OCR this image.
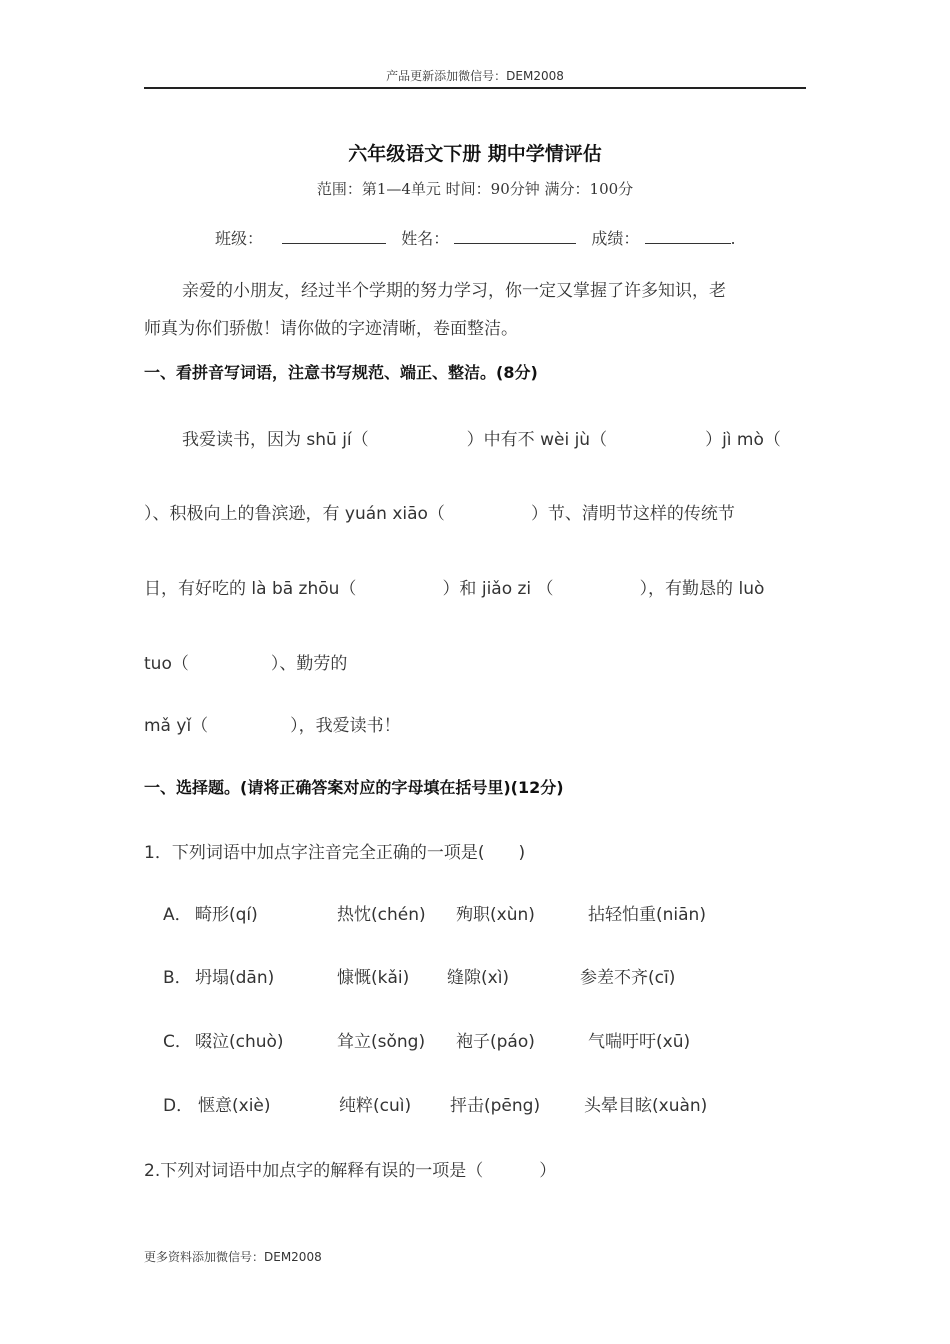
产品更新添加微信号：DEM2008
六年级语文下册 期中学情评估
范围：第1—4单元 时间：90分钟 满分：100分
班级：	姓名：	成绩：	.
亲爱的小朋友，经过半个学期的努力学习，你一定又掌握了许多知识，老
师真为你们骄傲！请你做的字迹清晰，卷面整洁。
一、看拼音写词语，注意书写规范、端正、整洁。(8分)
我爱读书，因为 shū jí（	）中有不 wèi jù（	）jì mò（
）、积极向上的鲁滨逊，有 yuán xiāo（	）节、清明节这样的传统节
日，有好吃的 là bā zhōu（	）和 jiǎo zi （	），有勤恳的 luò
tuo（	）、勤劳的
mǎ yǐ（	），我爱读书！
一、选择题。(请将正确答案对应的字母填在括号里)(12分)
1．下列词语中加点字注音完全正确的一项是(　　)
A． 畸形(qí)	热忱(chén) 殉职(xùn)	拈轻怕重(niān)
B． 坍塌(dān)	慷慨(kǎi) 缝隙(xì)	参差不齐(cī)
C． 啜泣(chuò)	耸立(sǒng) 袍子(páo)	气喘吁吁(xū)
D． 惬意(xiè)	纯粹(cuì) 抨击(pēng)	头晕目眩(xuàn)
2.下列对词语中加点字的解释有误的一项是（	）
更多资料添加微信号：DEM2008
